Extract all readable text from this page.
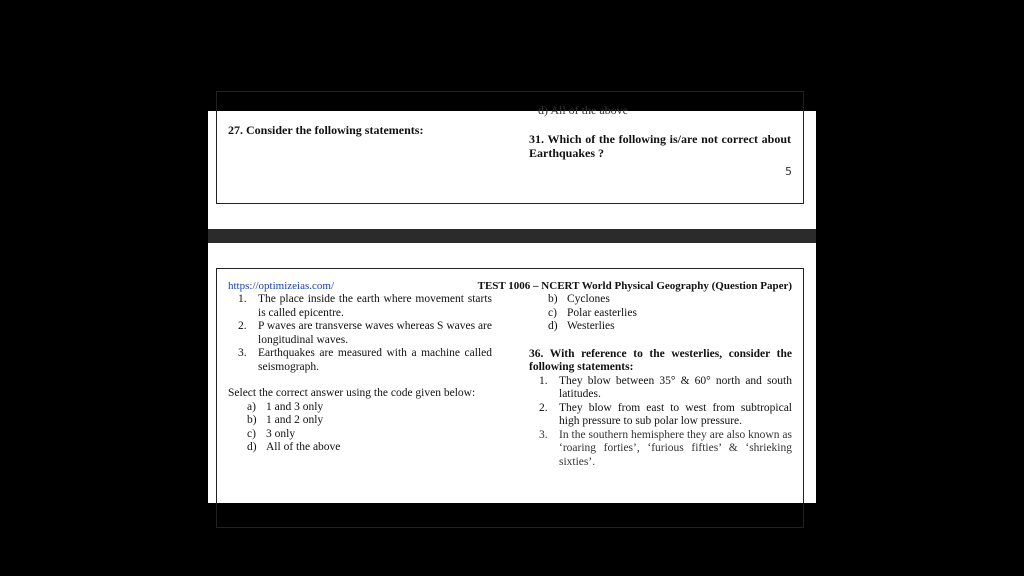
d) All of the above
27. Consider the following statements:
31. Which of the following is/are not correct about Earthquakes ?
5
https://optimizeias.com/	TEST 1006 – NCERT World Physical Geography (Question Paper)
1. The place inside the earth where movement starts is called epicentre.
2. P waves are transverse waves whereas S waves are longitudinal waves.
3. Earthquakes are measured with a machine called seismograph.
Select the correct answer using the code given below:
a) 1 and 3 only
b) 1 and 2 only
c) 3 only
d) All of the above
b) Cyclones
c) Polar easterlies
d) Westerlies
36. With reference to the westerlies, consider the following statements:
1. They blow between 35° & 60° north and south latitudes.
2. They blow from east to west from subtropical high pressure to sub polar low pressure.
3. In the southern hemisphere they are also known as ‘roaring forties’, ‘furious fifties’ & ‘shrieking sixties’.
